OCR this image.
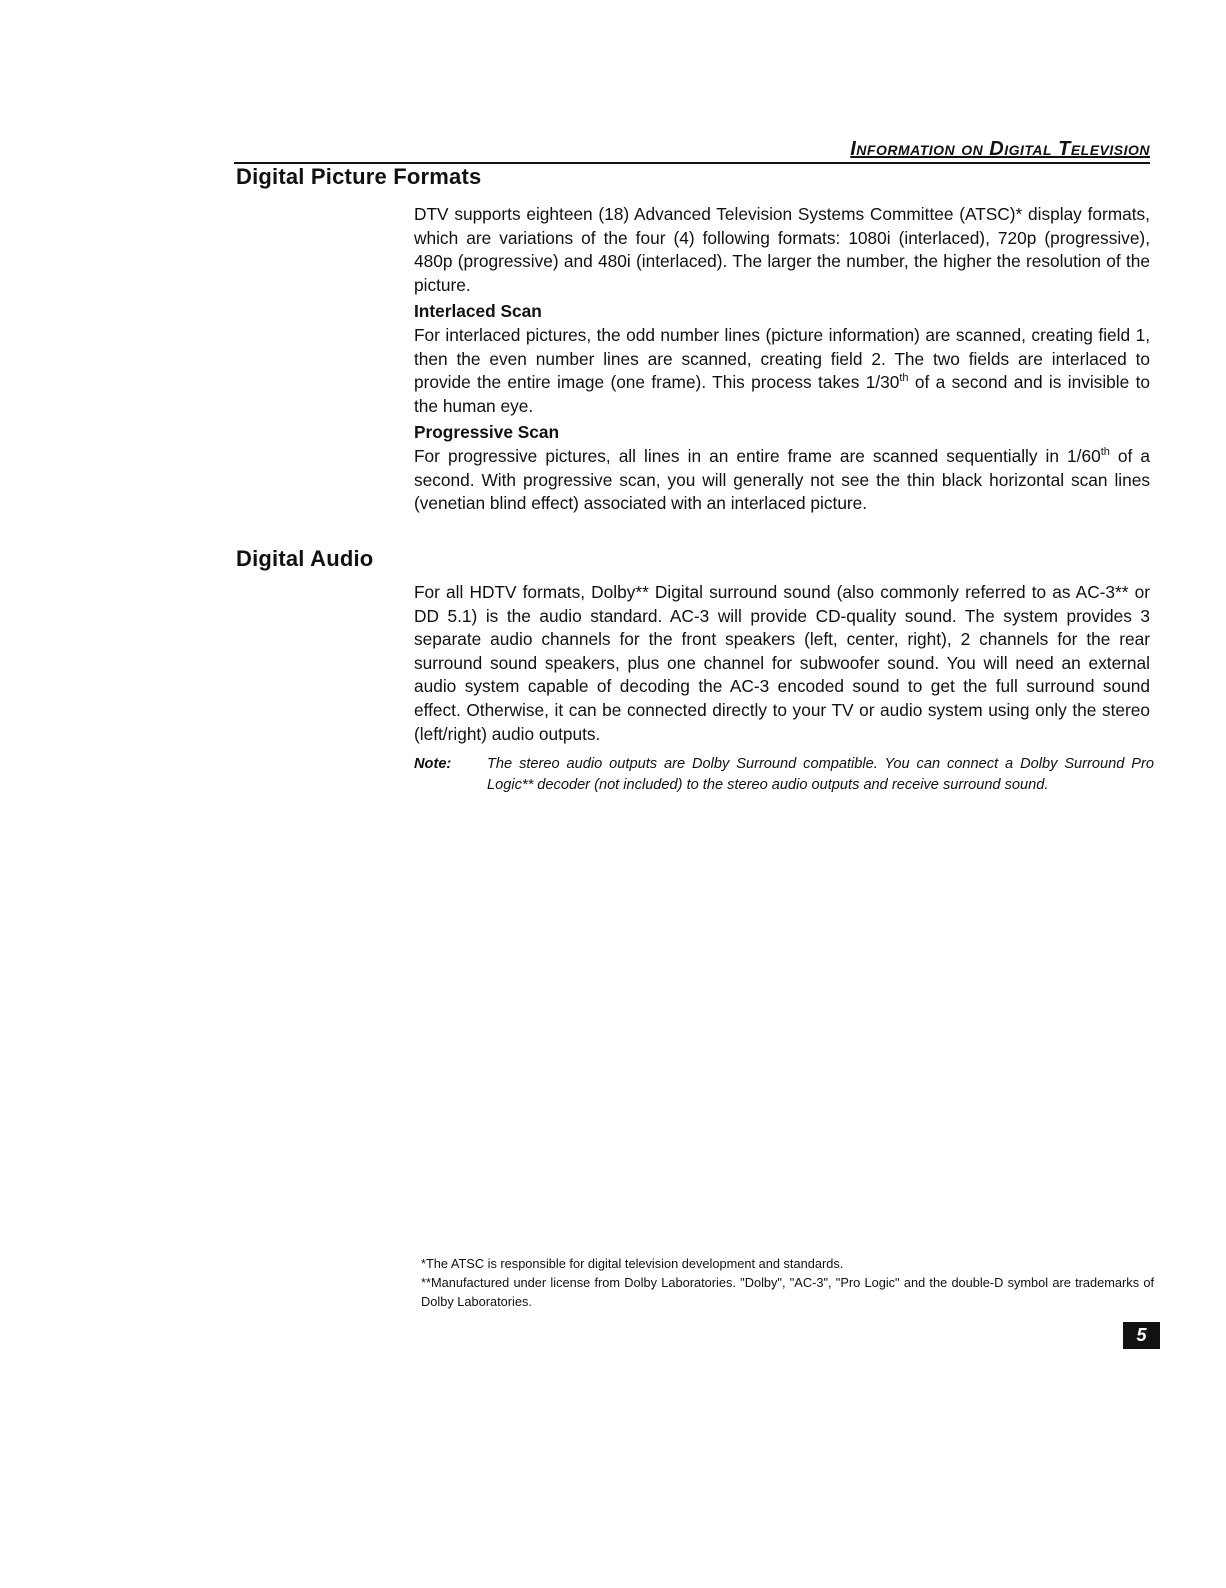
Information on Digital Television
Digital Picture Formats

DTV supports eighteen (18) Advanced Television Systems Committee (ATSC)* display formats, which are variations of the four (4) following formats: 1080i (interlaced), 720p (progressive), 480p (progressive) and 480i (interlaced). The larger the number, the higher the resolution of the picture.

Interlaced Scan

For interlaced pictures, the odd number lines (picture information) are scanned, creating field 1, then the even number lines are scanned, creating field 2. The two fields are interlaced to provide the entire image (one frame). This process takes 1/30th of a second and is invisible to the human eye.

Progressive Scan

For progressive pictures, all lines in an entire frame are scanned sequentially in 1/60th of a second. With progressive scan, you will generally not see the thin black horizontal scan lines (venetian blind effect) associated with an interlaced picture.

Digital Audio

For all HDTV formats, Dolby** Digital surround sound (also commonly referred to as AC-3** or DD 5.1) is the audio standard. AC-3 will provide CD-quality sound. The system provides 3 separate audio channels for the front speakers (left, center, right), 2 channels for the rear surround sound speakers, plus one channel for subwoofer sound. You will need an external audio system capable of decoding the AC-3 encoded sound to get the full surround sound effect. Otherwise, it can be connected directly to your TV or audio system using only the stereo (left/right) audio outputs.

Note:	The stereo audio outputs are Dolby Surround compatible. You can connect a Dolby Surround Pro Logic** decoder (not included) to the stereo audio outputs and receive surround sound.

*The ATSC is responsible for digital television development and standards.

**Manufactured under license from Dolby Laboratories. "Dolby", "AC-3", "Pro Logic" and the double-D symbol are trademarks of Dolby Laboratories.

5
